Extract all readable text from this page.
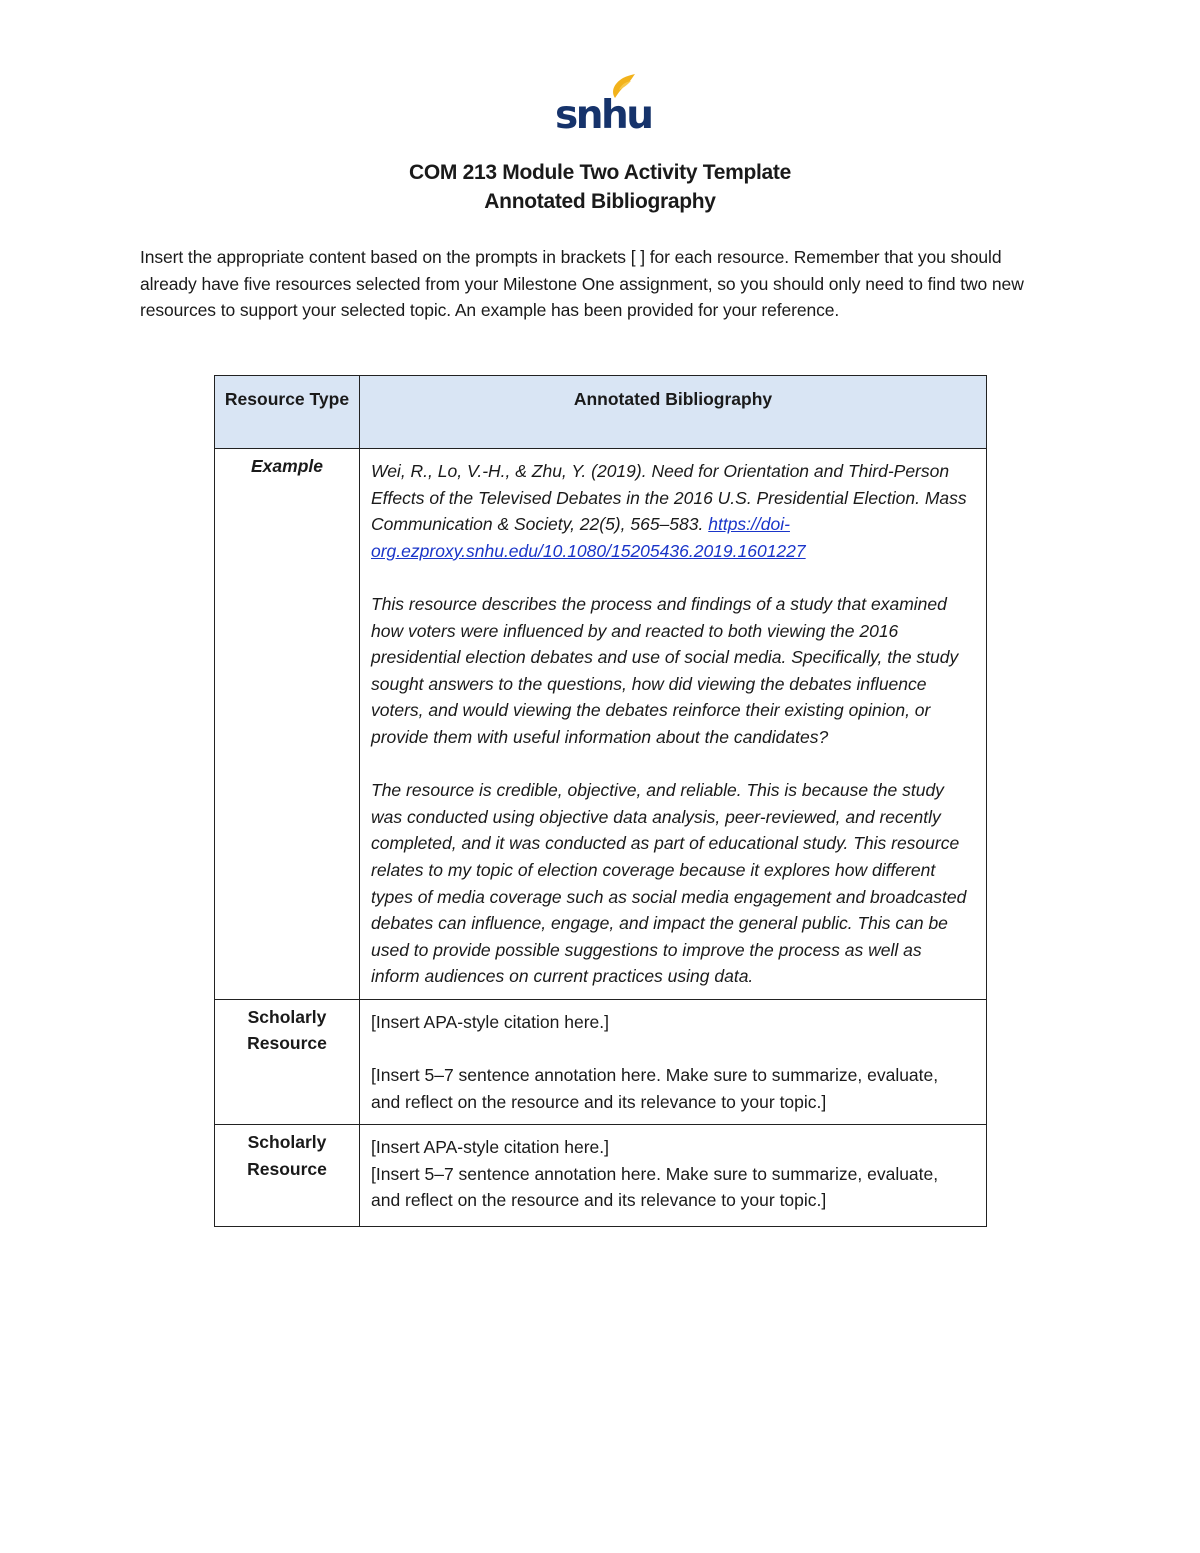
snhu
COM 213 Module Two Activity Template
Annotated Bibliography

Insert the appropriate content based on the prompts in brackets [ ] for each resource. Remember that you should already have five resources selected from your Milestone One assignment, so you should only need to find two new resources to support your selected topic. An example has been provided for your reference.

Resource Type	Annotated Bibliography
Example	Wei, R., Lo, V.-H., & Zhu, Y. (2019). Need for Orientation and Third-Person Effects of the Televised Debates in the 2016 U.S. Presidential Election. Mass Communication & Society, 22(5), 565–583. https://doi-org.ezproxy.snhu.edu/10.1080/15205436.2019.1601227

This resource describes the process and findings of a study that examined how voters were influenced by and reacted to both viewing the 2016 presidential election debates and use of social media. Specifically, the study sought answers to the questions, how did viewing the debates influence voters, and would viewing the debates reinforce their existing opinion, or provide them with useful information about the candidates?

The resource is credible, objective, and reliable. This is because the study was conducted using objective data analysis, peer-reviewed, and recently completed, and it was conducted as part of educational study. This resource relates to my topic of election coverage because it explores how different types of media coverage such as social media engagement and broadcasted debates can influence, engage, and impact the general public. This can be used to provide possible suggestions to improve the process as well as inform audiences on current practices using data.

Scholarly Resource	[Insert APA-style citation here.]

[Insert 5–7 sentence annotation here. Make sure to summarize, evaluate, and reflect on the resource and its relevance to your topic.]

Scholarly Resource	[Insert APA-style citation here.]

[Insert 5–7 sentence annotation here. Make sure to summarize, evaluate, and reflect on the resource and its relevance to your topic.]
